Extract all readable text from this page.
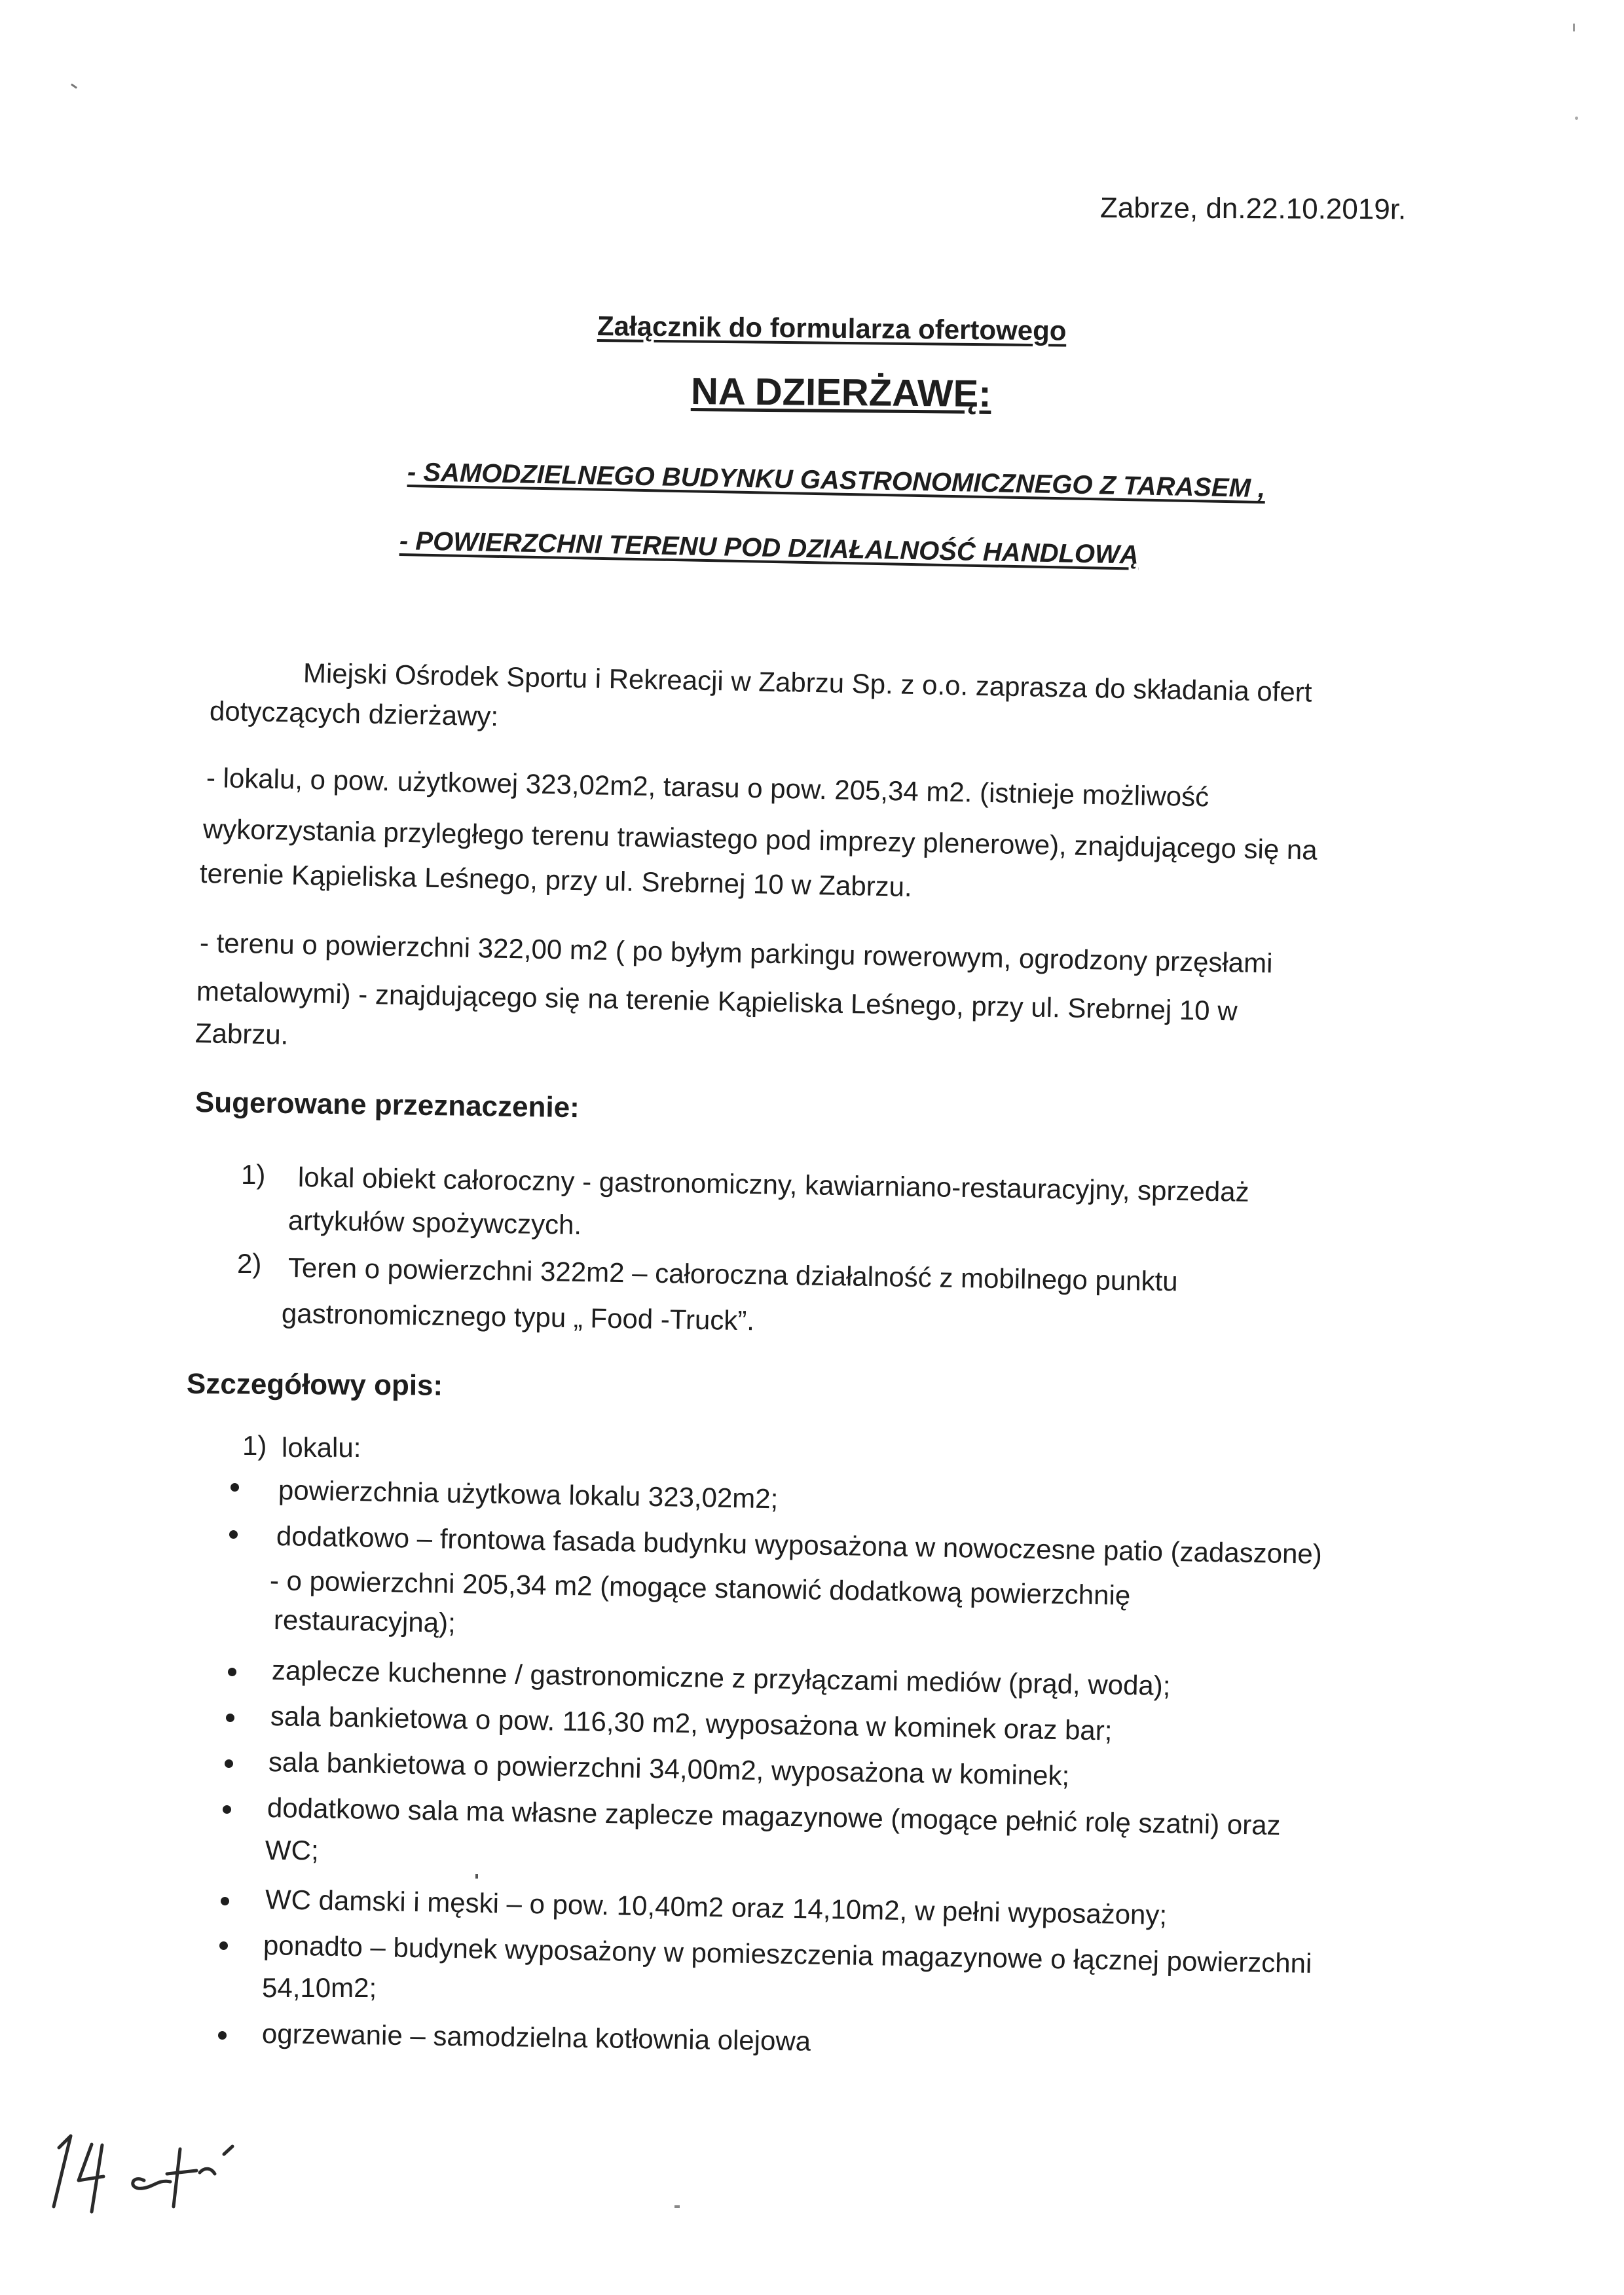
Zabrze, dn.22.10.2019r.
Załącznik do formularza ofertowego
NA DZIERŻAWĘ:
- SAMODZIELNEGO BUDYNKU GASTRONOMICZNEGO Z TARASEM ,
- POWIERZCHNI TERENU POD DZIAŁALNOŚĆ HANDLOWĄ
Miejski Ośrodek Sportu i Rekreacji w Zabrzu Sp. z o.o. zaprasza do składania ofert
dotyczących dzierżawy:
- lokalu, o pow. użytkowej 323,02m2, tarasu o pow. 205,34 m2. (istnieje możliwość
wykorzystania przyległego terenu trawiastego pod imprezy plenerowe), znajdującego się na
terenie Kąpieliska Leśnego, przy ul. Srebrnej 10 w Zabrzu.
- terenu o powierzchni 322,00 m2 ( po byłym parkingu rowerowym, ogrodzony przęsłami
metalowymi) - znajdującego się na terenie Kąpieliska Leśnego, przy ul. Srebrnej 10 w
Zabrzu.
Sugerowane przeznaczenie:
1) lokal obiekt całoroczny - gastronomiczny, kawiarniano-restauracyjny, sprzedaż
artykułów spożywczych.
2) Teren o powierzchni 322m2 – całoroczna działalność z mobilnego punktu
gastronomicznego typu „ Food -Truck”.
Szczegółowy opis:
1) lokalu:
powierzchnia użytkowa lokalu 323,02m2;
dodatkowo – frontowa fasada budynku wyposażona w nowoczesne patio (zadaszone)
- o powierzchni 205,34 m2 (mogące stanowić dodatkową powierzchnię
restauracyjną);
zaplecze kuchenne / gastronomiczne z przyłączami mediów (prąd, woda);
sala bankietowa o pow. 116,30 m2, wyposażona w kominek oraz bar;
sala bankietowa o powierzchni 34,00m2, wyposażona w kominek;
dodatkowo sala ma własne zaplecze magazynowe (mogące pełnić rolę szatni) oraz
WC;
WC damski i męski – o pow. 10,40m2 oraz 14,10m2, w pełni wyposażony;
ponadto – budynek wyposażony w pomieszczenia magazynowe o łącznej powierzchni
54,10m2;
ogrzewanie – samodzielna kotłownia olejowa
